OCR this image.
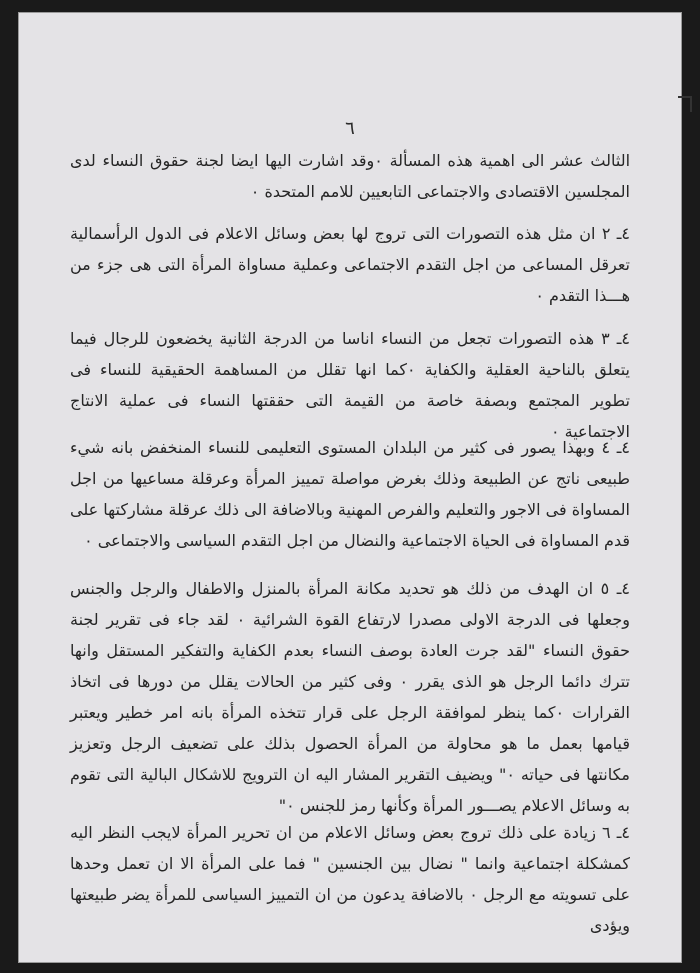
٦

الثالث عشر الى اهمية هذه المسألة ٠وقد اشارت اليها ايضا لجنة حقوق النساء لدى المجلسين الاقتصادى والاجتماعى التابعيين للامم المتحدة ٠

٤ـ ٢ ان مثل هذه التصورات التى تروج لها بعض وسائل الاعلام فى الدول الرأسمالية تعرقل المساعى من اجل التقدم الاجتماعى وعملية مساواة المرأة التى هى جزء من هـــذا التقدم ٠

٤ـ ٣ هذه التصورات تجعل من النساء اناسا من الدرجة الثانية يخضعون للرجال فيما يتعلق بالناحية العقلية والكفاية ٠كما انها تقلل من المساهمة الحقيقية للنساء فى تطوير المجتمع وبصفة خاصة من القيمة التى حققتها النساء فى عملية الانتاج الاجتماعية ٠

٤ـ ٤ وبهذا يصور فى كثير من البلدان المستوى التعليمى للنساء المنخفض بانه شيء طبيعى ناتج عن الطبيعة وذلك بغرض مواصلة تمييز المرأة وعرقلة مساعيها من اجل المساواة فى الاجور والتعليم والفرص المهنية وبالاضافة الى ذلك عرقلة مشاركتها على قدم المساواة فى الحياة الاجتماعية والنضال من اجل التقدم السياسى والاجتماعى ٠

٤ـ ٥ ان الهدف من ذلك هو تحديد مكانة المرأة بالمنزل والاطفال والرجل والجنس وجعلها فى الدرجة الاولى مصدرا لارتفاع القوة الشرائية ٠ لقد جاء فى تقرير لجنة حقوق النساء "لقد جرت العادة بوصف النساء بعدم الكفاية والتفكير المستقل وانها تترك دائما الرجل هو الذى يقرر ٠ وفى كثير من الحالات يقلل من دورها فى اتخاذ القرارات ٠كما ينظر لموافقة الرجل على قرار تتخذه المرأة بانه امر خطير ويعتبر قيامها بعمل ما هو محاولة من المرأة الحصول بذلك على تضعيف الرجل وتعزيز مكانتها فى حياته ٠" ويضيف التقرير المشار اليه ان الترويج للاشكال البالية التى تقوم به وسائل الاعلام يصـــور المرأة وكأنها رمز للجنس ٠"

٤ـ ٦ زيادة على ذلك تروج بعض وسائل الاعلام من ان تحرير المرأة لايجب النظر اليه كمشكلة اجتماعية وانما " نضال بين الجنسين " فما على المرأة الا ان تعمل وحدها على تسويته مع الرجل ٠ بالاضافة يدعون من ان التمييز السياسى للمرأة يضر طبيعتها ويؤدى
